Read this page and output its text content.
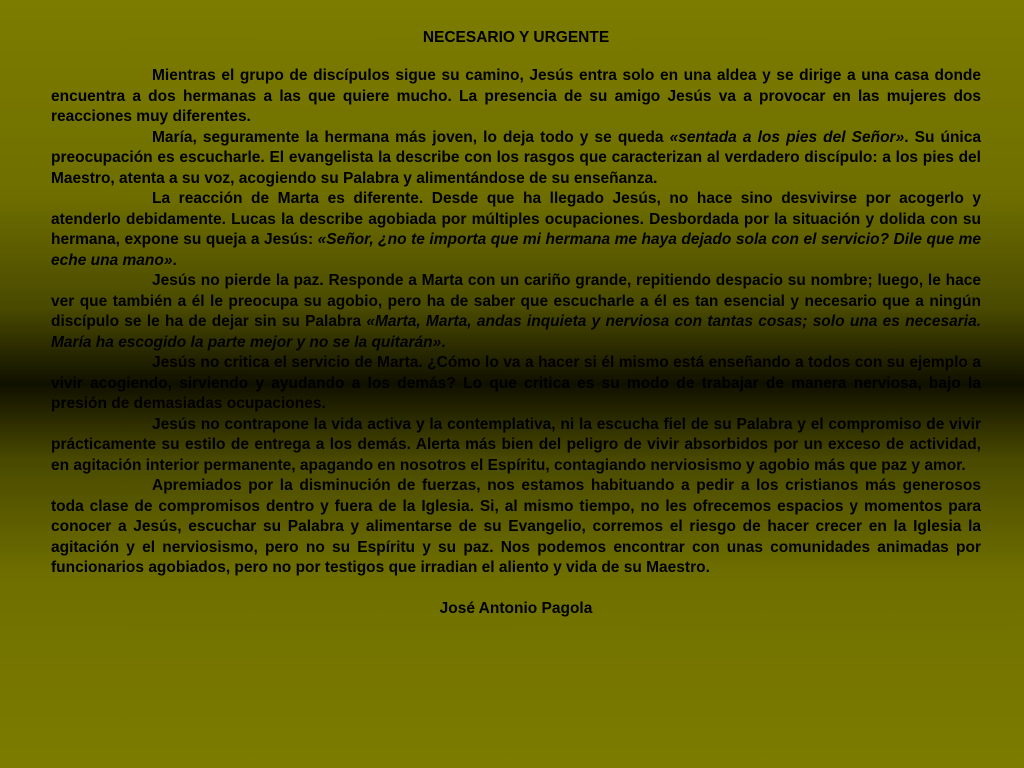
NECESARIO Y URGENTE

Mientras el grupo de discípulos sigue su camino, Jesús entra solo en una aldea y se dirige a una casa donde encuentra a dos hermanas a las que quiere mucho. La presencia de su amigo Jesús va a provocar en las mujeres dos reacciones muy diferentes.

María, seguramente la hermana más joven, lo deja todo y se queda «sentada a los pies del Señor». Su única preocupación es escucharle. El evangelista la describe con los rasgos que caracterizan al verdadero discípulo: a los pies del Maestro, atenta a su voz, acogiendo su Palabra y alimentándose de su enseñanza.

La reacción de Marta es diferente. Desde que ha llegado Jesús, no hace sino desvivirse por acogerlo y atenderlo debidamente. Lucas la describe agobiada por múltiples ocupaciones. Desbordada por la situación y dolida con su hermana, expone su queja a Jesús: «Señor, ¿no te importa que mi hermana me haya dejado sola con el servicio? Dile que me eche una mano».

Jesús no pierde la paz. Responde a Marta con un cariño grande, repitiendo despacio su nombre; luego, le hace ver que también a él le preocupa su agobio, pero ha de saber que escucharle a él es tan esencial y necesario que a ningún discípulo se le ha de dejar sin su Palabra «Marta, Marta, andas inquieta y nerviosa con tantas cosas; solo una es necesaria. María ha escogido la parte mejor y no se la quitarán».

Jesús no critica el servicio de Marta. ¿Cómo lo va a hacer si él mismo está enseñando a todos con su ejemplo a vivir acogiendo, sirviendo y ayudando a los demás? Lo que critica es su modo de trabajar de manera nerviosa, bajo la presión de demasiadas ocupaciones.

Jesús no contrapone la vida activa y la contemplativa, ni la escucha fiel de su Palabra y el compromiso de vivir prácticamente su estilo de entrega a los demás. Alerta más bien del peligro de vivir absorbidos por un exceso de actividad, en agitación interior permanente, apagando en nosotros el Espíritu, contagiando nerviosismo y agobio más que paz y amor.

Apremiados por la disminución de fuerzas, nos estamos habituando a pedir a los cristianos más generosos toda clase de compromisos dentro y fuera de la Iglesia. Si, al mismo tiempo, no les ofrecemos espacios y momentos para conocer a Jesús, escuchar su Palabra y alimentarse de su Evangelio, corremos el riesgo de hacer crecer en la Iglesia la agitación y el nerviosismo, pero no su Espíritu y su paz. Nos podemos encontrar con unas comunidades animadas por funcionarios agobiados, pero no por testigos que irradian el aliento y vida de su Maestro.

José Antonio Pagola
